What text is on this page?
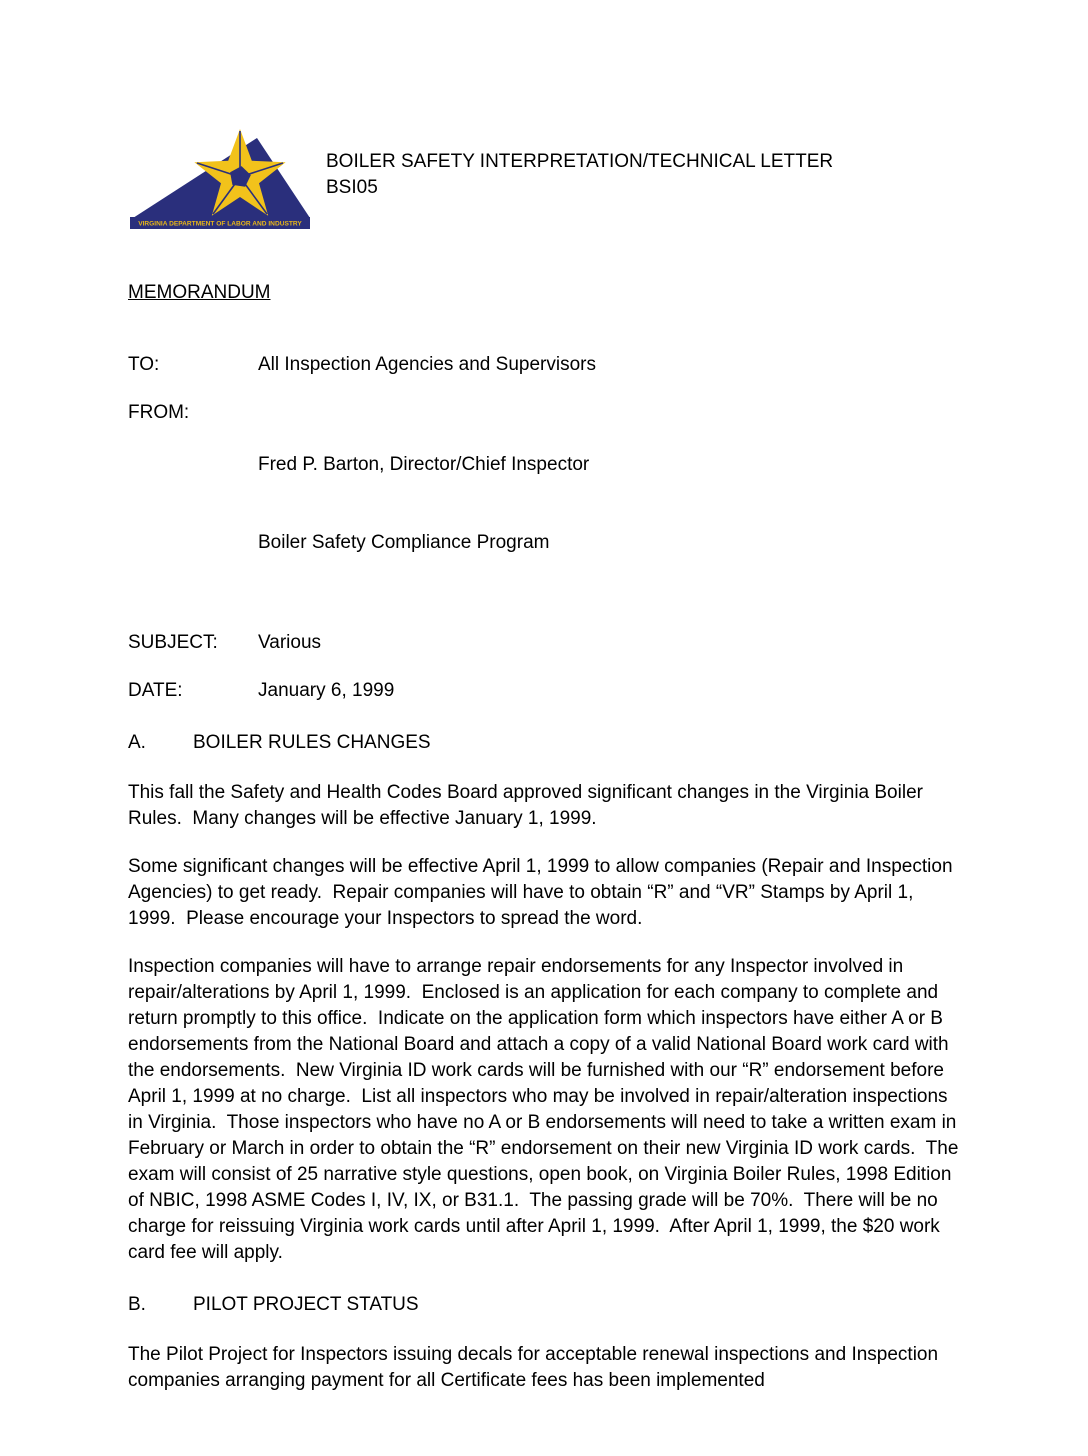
VIRGINIA DEPARTMENT OF LABOR AND INDUSTRY
BOILER SAFETY INTERPRETATION/TECHNICAL LETTER
BSI05
MEMORANDUM
TO:	All Inspection Agencies and Supervisors
FROM:

Fred P. Barton, Director/Chief Inspector

Boiler Safety Compliance Program

SUBJECT:	Various
DATE:	January 6, 1999
A.	BOILER RULES CHANGES

This fall the Safety and Health Codes Board approved significant changes in the Virginia Boiler Rules.  Many changes will be effective January 1, 1999.

Some significant changes will be effective April 1, 1999 to allow companies (Repair and Inspection Agencies) to get ready.  Repair companies will have to obtain “R” and “VR” Stamps by April 1, 1999.  Please encourage your Inspectors to spread the word.

Inspection companies will have to arrange repair endorsements for any Inspector involved in repair/alterations by April 1, 1999.  Enclosed is an application for each company to complete and return promptly to this office.  Indicate on the application form which inspectors have either A or B endorsements from the National Board and attach a copy of a valid National Board work card with the endorsements.  New Virginia ID work cards will be furnished with our “R” endorsement before April 1, 1999 at no charge.  List all inspectors who may be involved in repair/alteration inspections in Virginia.  Those inspectors who have no A or B endorsements will need to take a written exam in February or March in order to obtain the “R” endorsement on their new Virginia ID work cards.  The exam will consist of 25 narrative style questions, open book, on Virginia Boiler Rules, 1998 Edition of NBIC, 1998 ASME Codes I, IV, IX, or B31.1.  The passing grade will be 70%.  There will be no charge for reissuing Virginia work cards until after April 1, 1999.  After April 1, 1999, the $20 work card fee will apply.

B.	PILOT PROJECT STATUS

The Pilot Project for Inspectors issuing decals for acceptable renewal inspections and Inspection companies arranging payment for all Certificate fees has been implemented
